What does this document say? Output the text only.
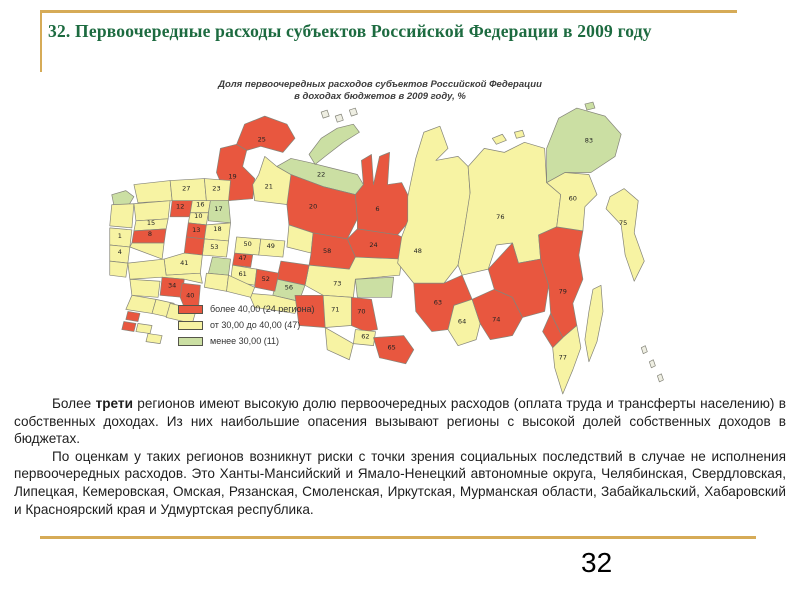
32. Первоочередные расходы субъектов Российской Федерации в 2009 году
Доля первоочередных расходов субъектов Российской Федерации
в доходах бюджетов в 2009 году, %
25
19
21
22
20	6
24
58
73
56
50 49
47
61
52
27	23
12 16
17
15
10
13 18
8
1
4
53
41
34
40
71	70
62
65
48
63
76
64	74
79
60
83
75
77
более 40,00 (24 региона)
от 30,00 до 40,00 (47)
менее 30,00 (11)

Более трети регионов имеют высокую долю первоочередных расходов (оплата труда и трансферты населению) в собственных доходах. Из них наибольшие опасения вызывают регионы с высокой долей собственных доходов в бюджетах.

По оценкам у таких регионов возникнут риски с точки зрения социальных последствий в случае не исполнения первоочередных расходов. Это Ханты-Мансийский и Ямало-Ненецкий автономные округа, Челябинская, Свердловская, Липецкая, Кемеровская, Омская, Рязанская, Смоленская, Иркутская, Мурманская области, Забайкальский, Хабаровский и Красноярский края и Удмуртская республика.

32
